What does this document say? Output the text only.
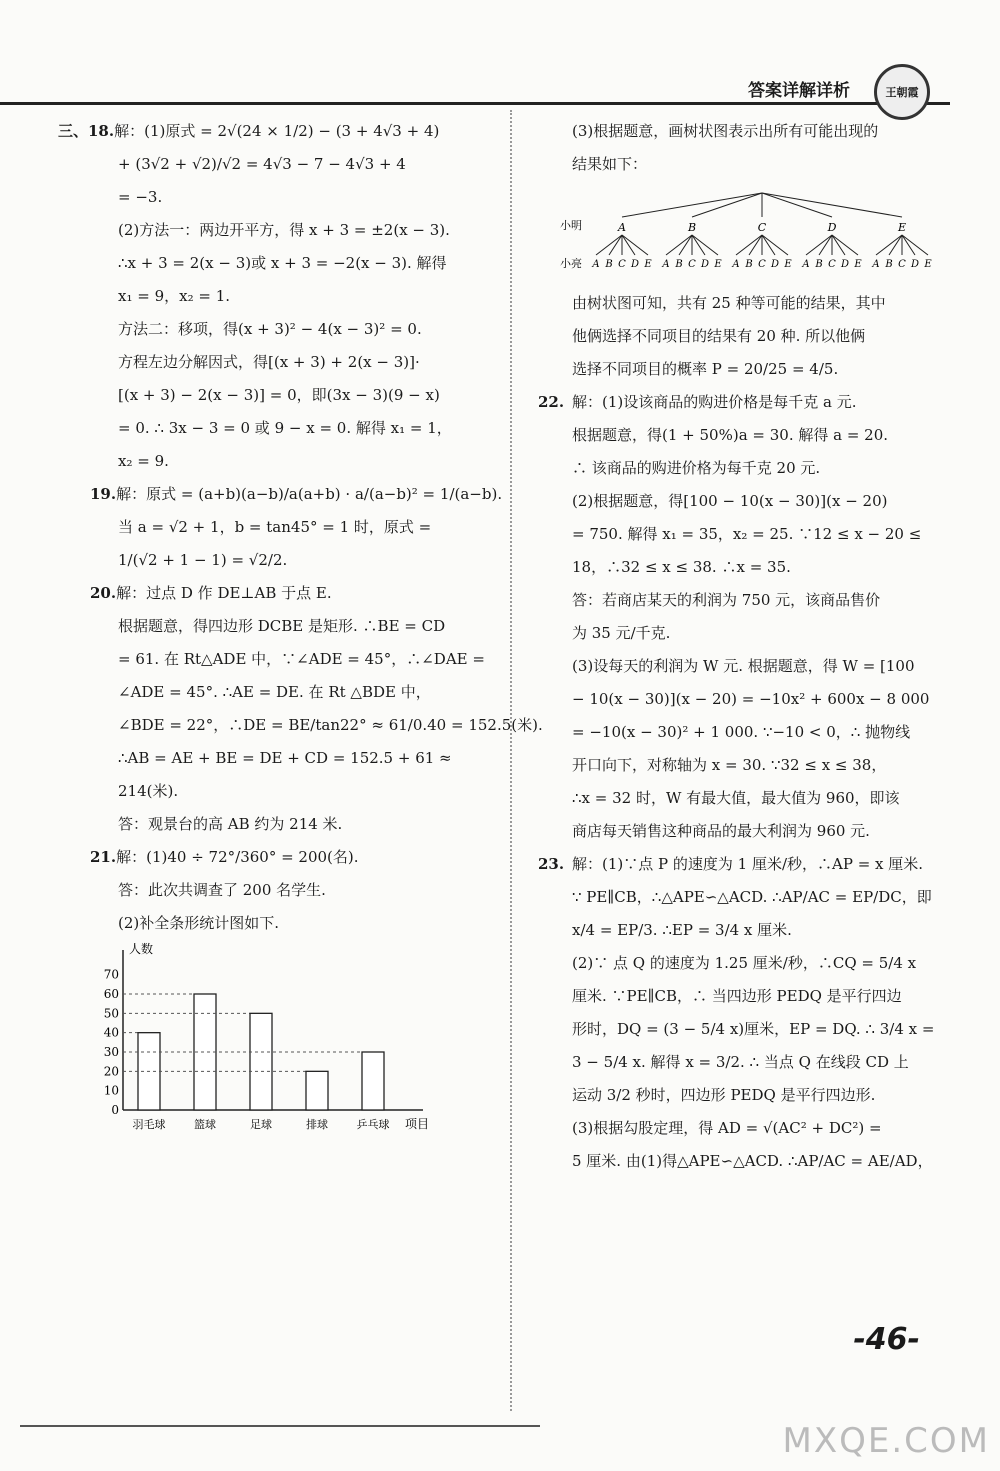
答案详解详析	王朝霞
三、18.解：(1)原式 = 2√(24 × 1/2) − (3 + 4√3 + 4)
+ (3√2 + √2)/√2 = 4√3 − 7 − 4√3 + 4
= −3.
(2)方法一：两边开平方，得 x + 3 = ±2(x − 3).
∴x + 3 = 2(x − 3)或 x + 3 = −2(x − 3). 解得
x₁ = 9，x₂ = 1.
方法二：移项，得(x + 3)² − 4(x − 3)² = 0.
方程左边分解因式，得[(x + 3) + 2(x − 3)]·
[(x + 3) − 2(x − 3)] = 0，即(3x − 3)(9 − x)
= 0. ∴ 3x − 3 = 0 或 9 − x = 0. 解得 x₁ = 1，
x₂ = 9.
19.解：原式 = (a+b)(a−b)/a(a+b) · a/(a−b)² = 1/(a−b).
当 a = √2 + 1，b = tan45° = 1 时，原式 =
1/(√2 + 1 − 1) = √2/2.
20.解：过点 D 作 DE⊥AB 于点 E.
根据题意，得四边形 DCBE 是矩形. ∴BE = CD
= 61. 在 Rt△ADE 中，∵∠ADE = 45°，∴∠DAE =
∠ADE = 45°. ∴AE = DE. 在 Rt △BDE 中，
∠BDE = 22°，∴DE = BE/tan22° ≈ 61/0.40 = 152.5(米).
∴AB = AE + BE = DE + CD = 152.5 + 61 ≈
214(米).
答：观景台的高 AB 约为 214 米.
21.解：(1)40 ÷ 72°/360° = 200(名).
答：此次共调查了 200 名学生.
(2)补全条形统计图如下.
人数
项目
0
10
20
30
40
50
60
70
羽毛球	篮球	足球	排球	乒乓球
(3)根据题意，画树状图表示出所有可能出现的
结果如下：
小明
小亮
A
A B C D E
B
A B C D E
C
A B C D E
D
A B C D E
E
A B C D E
由树状图可知，共有 25 种等可能的结果，其中
他俩选择不同项目的结果有 20 种. 所以他俩
选择不同项目的概率 P = 20/25 = 4/5.
22. 解：(1)设该商品的购进价格是每千克 a 元.
根据题意，得(1 + 50%)a = 30. 解得 a = 20.
∴ 该商品的购进价格为每千克 20 元.
(2)根据题意，得[100 − 10(x − 30)](x − 20)
= 750. 解得 x₁ = 35，x₂ = 25. ∵12 ≤ x − 20 ≤
18，∴32 ≤ x ≤ 38. ∴x = 35.
答：若商店某天的利润为 750 元，该商品售价
为 35 元/千克.
(3)设每天的利润为 W 元. 根据题意，得 W = [100
− 10(x − 30)](x − 20) = −10x² + 600x − 8 000
= −10(x − 30)² + 1 000. ∵−10 < 0，∴ 抛物线
开口向下，对称轴为 x = 30. ∵32 ≤ x ≤ 38，
∴x = 32 时，W 有最大值，最大值为 960，即该
商店每天销售这种商品的最大利润为 960 元.
23. 解：(1)∵点 P 的速度为 1 厘米/秒，∴AP = x 厘米.
∵ PE∥CB，∴△APE∽△ACD. ∴AP/AC = EP/DC，即
x/4 = EP/3. ∴EP = 3/4 x 厘米.
(2)∵ 点 Q 的速度为 1.25 厘米/秒，∴CQ = 5/4 x
厘米. ∵PE∥CB，∴ 当四边形 PEDQ 是平行四边
形时，DQ = (3 − 5/4 x)厘米，EP = DQ. ∴ 3/4 x =
3 − 5/4 x. 解得 x = 3/2. ∴ 当点 Q 在线段 CD 上
运动 3/2 秒时，四边形 PEDQ 是平行四边形.
(3)根据勾股定理，得 AD = √(AC² + DC²) =
5 厘米. 由(1)得△APE∽△ACD. ∴AP/AC = AE/AD，
-46-
MXQE.COM
